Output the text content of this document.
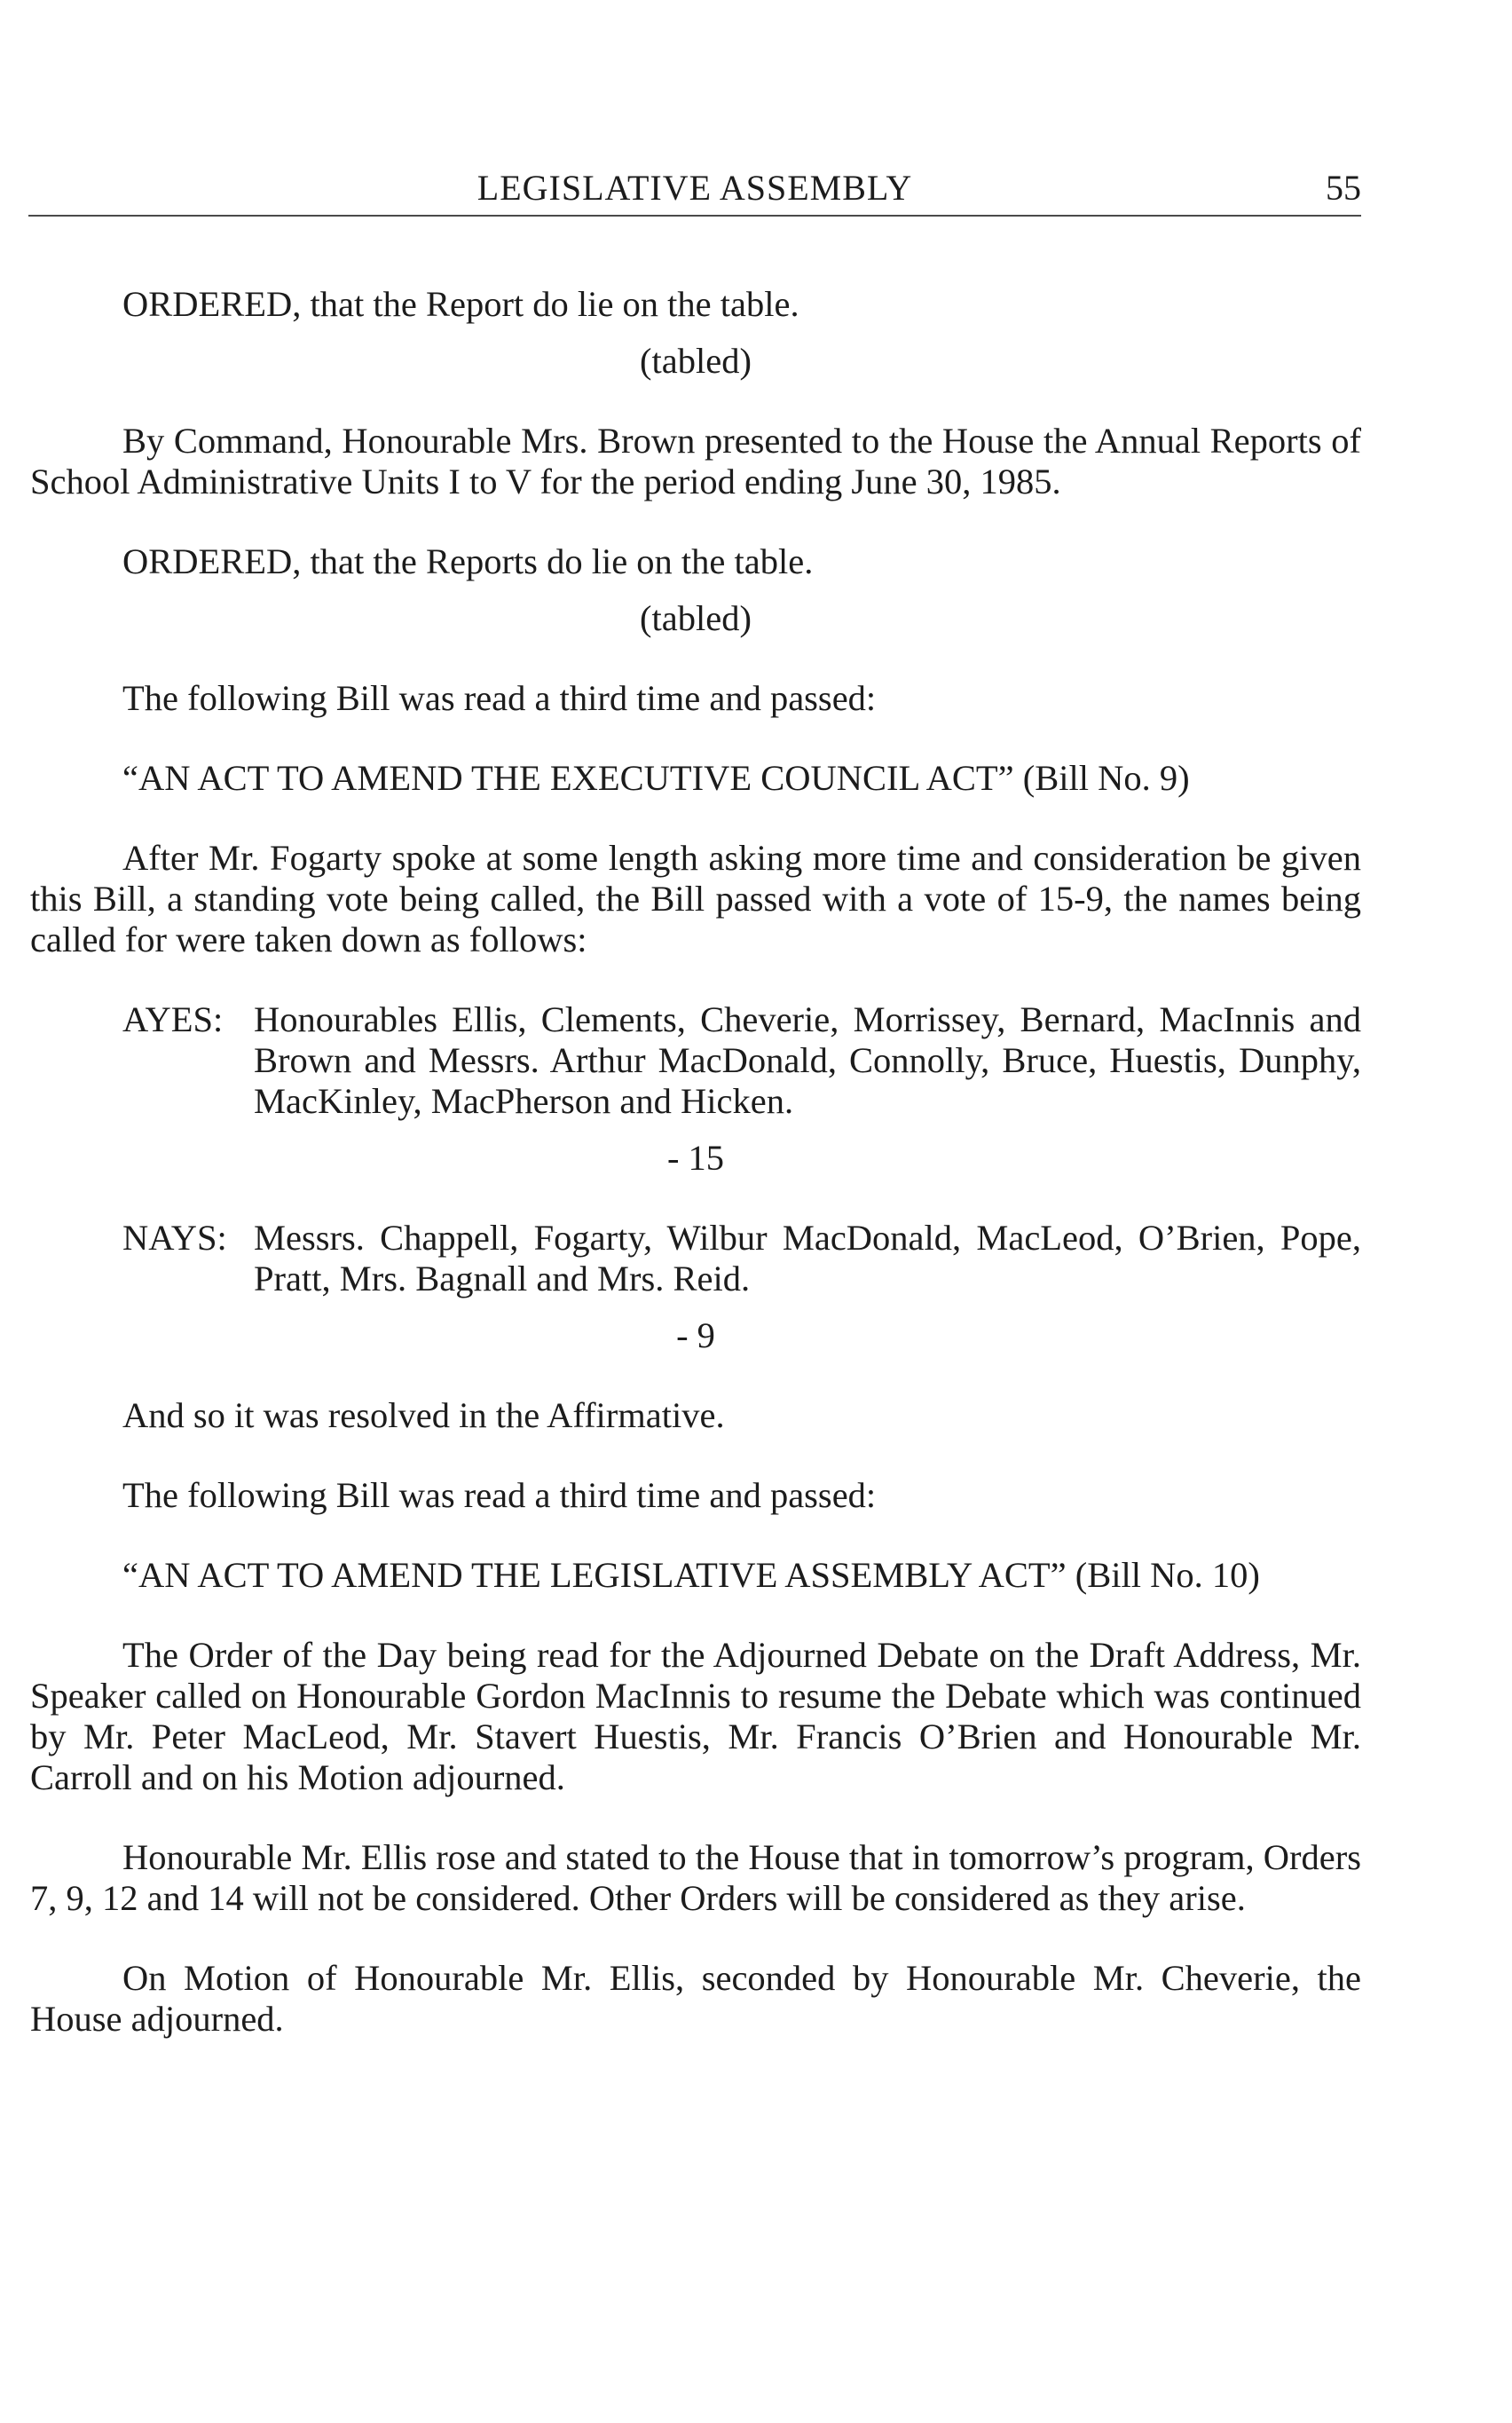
LEGISLATIVE ASSEMBLY	55

ORDERED, that the Report do lie on the table.

(tabled)

By Command, Honourable Mrs. Brown presented to the House the Annual Reports of School Administrative Units I to V for the period ending June 30, 1985.

ORDERED, that the Reports do lie on the table.

(tabled)

The following Bill was read a third time and passed:

“AN ACT TO AMEND THE EXECUTIVE COUNCIL ACT” (Bill No. 9)

After Mr. Fogarty spoke at some length asking more time and consideration be given this Bill, a standing vote being called, the Bill passed with a vote of 15-9, the names being called for were taken down as follows:

AYES: Honourables Ellis, Clements, Cheverie, Morrissey, Bernard, MacInnis and Brown and Messrs. Arthur MacDonald, Connolly, Bruce, Huestis, Dunphy, MacKinley, MacPherson and Hicken.

- 15

NAYS: Messrs. Chappell, Fogarty, Wilbur MacDonald, MacLeod, O’Brien, Pope, Pratt, Mrs. Bagnall and Mrs. Reid.

- 9

And so it was resolved in the Affirmative.

The following Bill was read a third time and passed:

“AN ACT TO AMEND THE LEGISLATIVE ASSEMBLY ACT” (Bill No. 10)

The Order of the Day being read for the Adjourned Debate on the Draft Address, Mr. Speaker called on Honourable Gordon MacInnis to resume the Debate which was continued by Mr. Peter MacLeod, Mr. Stavert Huestis, Mr. Francis O’Brien and Honourable Mr. Carroll and on his Motion adjourned.

Honourable Mr. Ellis rose and stated to the House that in tomorrow’s program, Orders 7, 9, 12 and 14 will not be considered. Other Orders will be considered as they arise.

On Motion of Honourable Mr. Ellis, seconded by Honourable Mr. Cheverie, the House adjourned.
